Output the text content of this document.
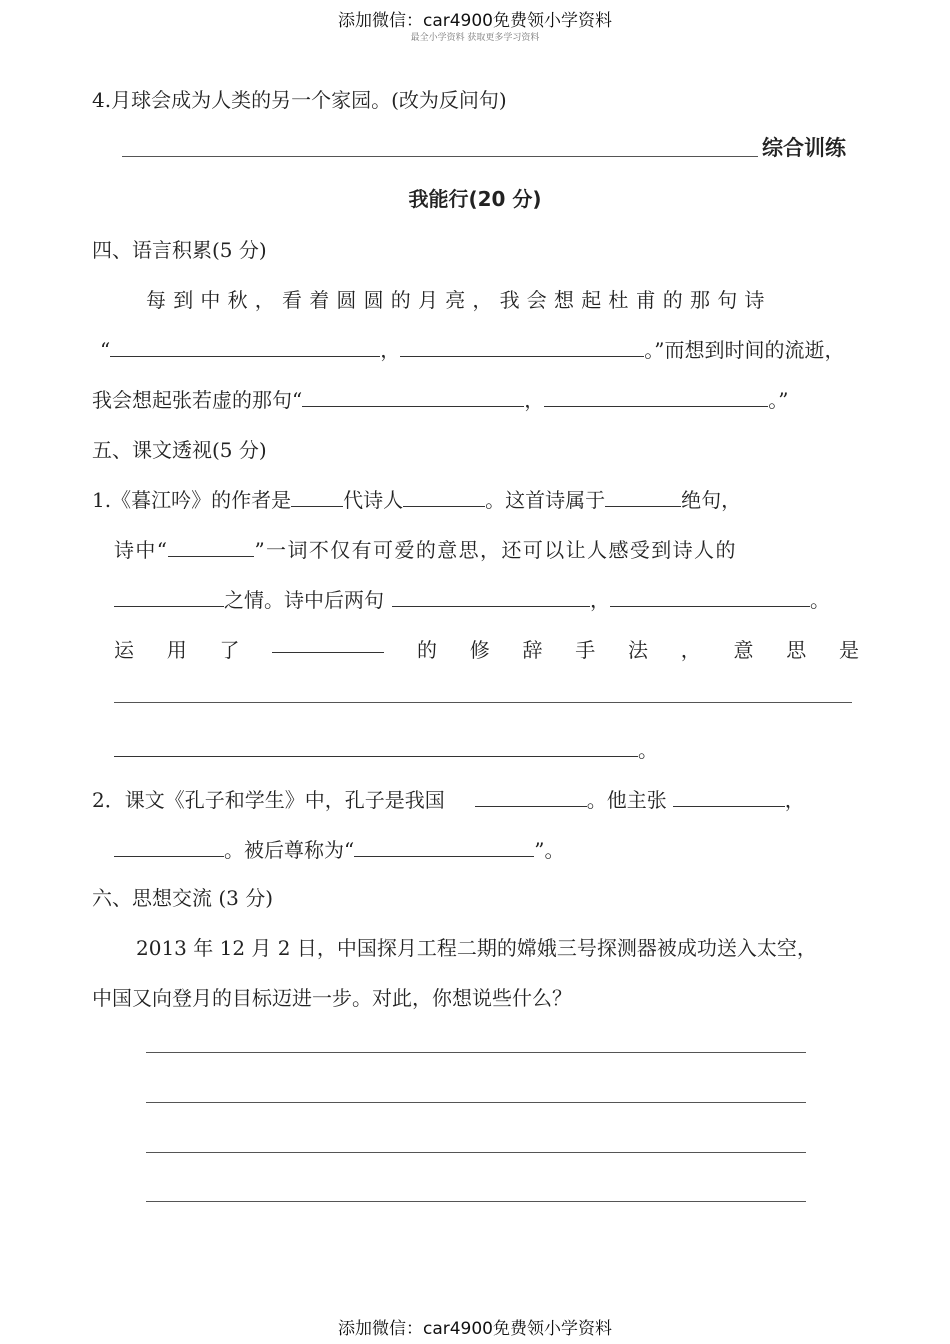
添加微信：car4900免费领小学资料
最全小学资料 获取更多学习资料
4.月球会成为人类的另一个家园。(改为反问句)
综合训练
我能行(20 分)
四、语言积累(5 分)
每到中秋，看着圆圆的月亮，我会想起杜甫的那句诗
“	，	。”而想到时间的流逝，
我会想起张若虚的那句“	，	。”
五、课文透视(5 分)
1.《暮江吟》的作者是	代诗人	。这首诗属于	绝句，
诗中“	”一词不仅有可爱的意思，还可以让人感受到诗人的
之情。诗中后两句	，	。
运 用 了	的 修 辞 手 法 ， 意 思 是
。
2．课文《孔子和学生》中，孔子是我国	。他主张	，
。被后尊称为“	”。
六、思想交流 (3 分)
2013 年 12 月 2 日，中国探月工程二期的嫦娥三号探测器被成功送入太空，
中国又向登月的目标迈进一步。对此，你想说些什么？
添加微信：car4900免费领小学资料
